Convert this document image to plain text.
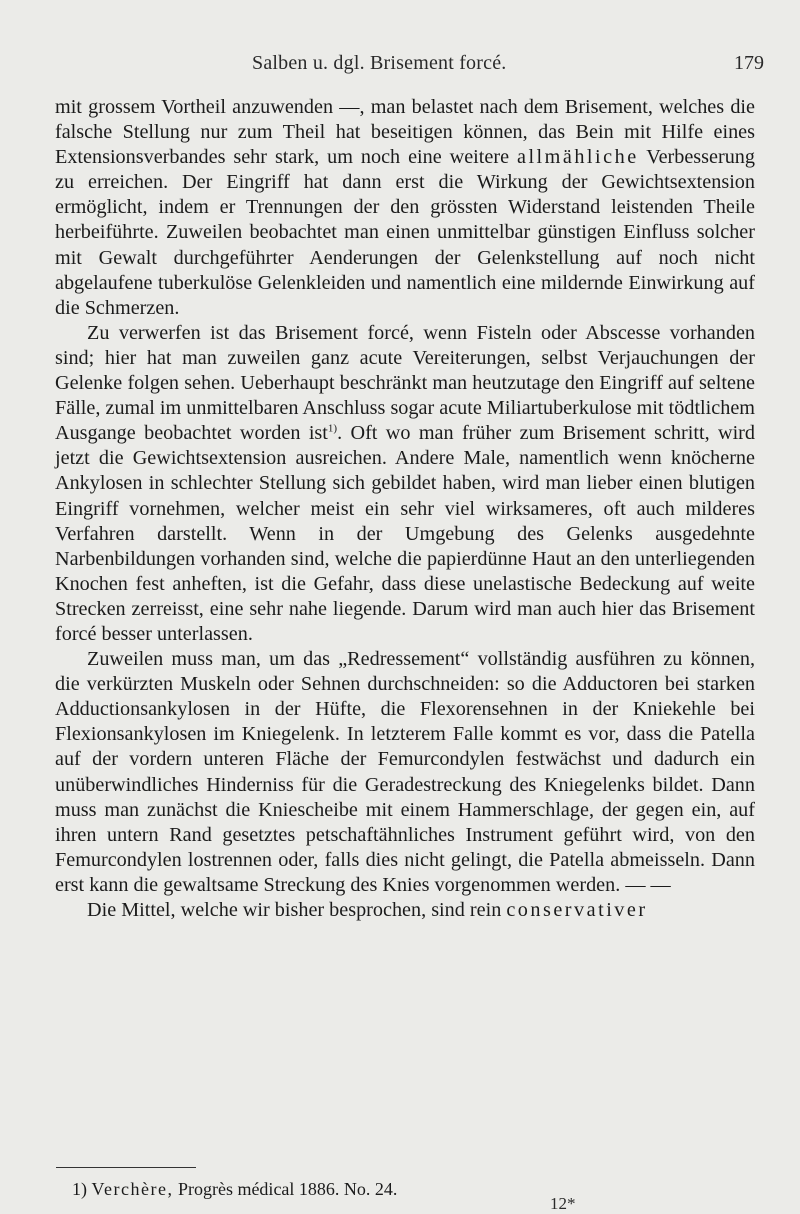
Salben u. dgl. Brisement forcé.	179

mit grossem Vortheil anzuwenden —, man belastet nach dem Brisement, welches die falsche Stellung nur zum Theil hat beseitigen können, das Bein mit Hilfe eines Extensionsverbandes sehr stark, um noch eine weitere allmähliche Verbesserung zu erreichen. Der Eingriff hat dann erst die Wirkung der Gewichtsextension ermöglicht, indem er Trennungen der den grössten Widerstand leistenden Theile herbeiführte. Zuweilen beobachtet man einen unmittelbar günstigen Einfluss solcher mit Gewalt durchgeführter Aenderungen der Gelenkstellung auf noch nicht abgelaufene tuberkulöse Gelenkleiden und namentlich eine mildernde Einwirkung auf die Schmerzen.

Zu verwerfen ist das Brisement forcé, wenn Fisteln oder Abscesse vorhanden sind; hier hat man zuweilen ganz acute Vereiterungen, selbst Verjauchungen der Gelenke folgen sehen. Ueberhaupt beschränkt man heutzutage den Eingriff auf seltene Fälle, zumal im unmittelbaren Anschluss sogar acute Miliartuberkulose mit tödtlichem Ausgange beobachtet worden ist$^{1)}$. Oft wo man früher zum Brisement schritt, wird jetzt die Gewichtsextension ausreichen. Andere Male, namentlich wenn knöcherne Ankylosen in schlechter Stellung sich gebildet haben, wird man lieber einen blutigen Eingriff vornehmen, welcher meist ein sehr viel wirksameres, oft auch milderes Verfahren darstellt. Wenn in der Umgebung des Gelenks ausgedehnte Narbenbildungen vorhanden sind, welche die papierdünne Haut an den unterliegenden Knochen fest anheften, ist die Gefahr, dass diese unelastische Bedeckung auf weite Strecken zerreisst, eine sehr nahe liegende. Darum wird man auch hier das Brisement forcé besser unterlassen.

Zuweilen muss man, um das „Redressement“ vollständig ausführen zu können, die verkürzten Muskeln oder Sehnen durchschneiden: so die Adductoren bei starken Adductionsankylosen in der Hüfte, die Flexorensehnen in der Kniekehle bei Flexionsankylosen im Kniegelenk. In letzterem Falle kommt es vor, dass die Patella auf der vordern unteren Fläche der Femurcondylen festwächst und dadurch ein unüberwindliches Hinderniss für die Geradestreckung des Kniegelenks bildet. Dann muss man zunächst die Kniescheibe mit einem Hammerschlage, der gegen ein, auf ihren untern Rand gesetztes petschaftähnliches Instrument geführt wird, von den Femurcondylen lostrennen oder, falls dies nicht gelingt, die Patella abmeisseln. Dann erst kann die gewaltsame Streckung des Knies vorgenommen werden. — —

Die Mittel, welche wir bisher besprochen, sind rein conservativer

1) Verchère, Progrès médical 1886. No. 24.
12*
